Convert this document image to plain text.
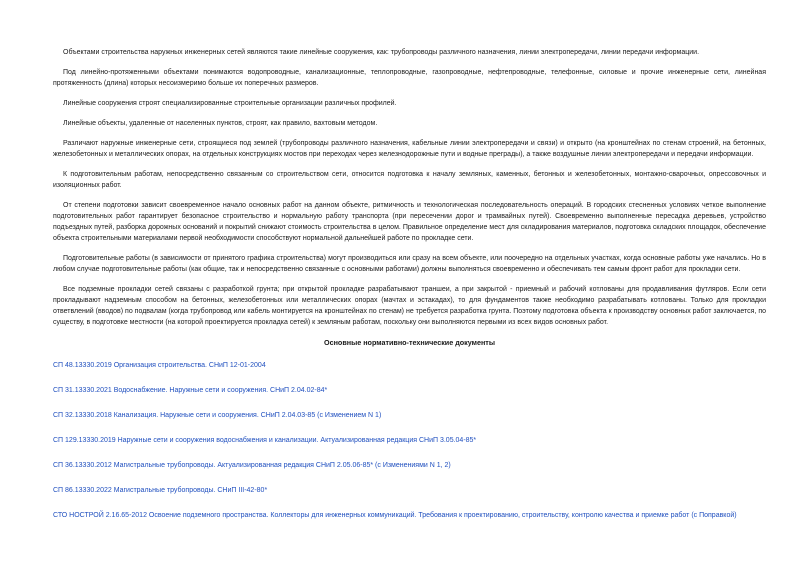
Объектами строительства наружных инженерных сетей являются такие линейные сооружения, как: трубопроводы различного назначения, линии электропередачи, линии передачи информации.

Под линейно-протяженными объектами понимаются водопроводные, канализационные, теплопроводные, газопроводные, нефтепроводные, телефонные, силовые и прочие инженерные сети, линейная протяженность (длина) которых несоизмеримо больше их поперечных размеров.

Линейные сооружения строят специализированные строительные организации различных профилей.

Линейные объекты, удаленные от населенных пунктов, строят, как правило, вахтовым методом.

Различают наружные инженерные сети, строящиеся под землей (трубопроводы различного назначения, кабельные линии электропередачи и связи) и открыто (на кронштейнах по стенам строений, на бетонных, железобетонных и металлических опорах, на отдельных конструкциях мостов при переходах через железнодорожные пути и водные преграды), а также воздушные линии электропередачи и передачи информации.

К подготовительным работам, непосредственно связанным со строительством сети, относится подготовка к началу земляных, каменных, бетонных и железобетонных, монтажно-сварочных, опрессовочных и изоляционных работ.

От степени подготовки зависит своевременное начало основных работ на данном объекте, ритмичность и технологическая последовательность операций. В городских стесненных условиях четкое выполнение подготовительных работ гарантирует безопасное строительство и нормальную работу транспорта (при пересечении дорог и трамвайных путей). Своевременно выполненные пересадка деревьев, устройство подъездных путей, разборка дорожных оснований и покрытий снижают стоимость строительства в целом. Правильное определение мест для складирования материалов, подготовка складских площадок, обеспечение объекта строительными материалами первой необходимости способствуют нормальной дальнейшей работе по прокладке сети.

Подготовительные работы (в зависимости от принятого графика строительства) могут производиться или сразу на всем объекте, или поочередно на отдельных участках, когда основные работы уже начались. Но в любом случае подготовительные работы (как общие, так и непосредственно связанные с основными работами) должны выполняться своевременно и обеспечивать тем самым фронт работ для прокладки сети.

Все подземные прокладки сетей связаны с разработкой грунта; при открытой прокладке разрабатывают траншеи, а при закрытой - приемный и рабочий котлованы для продавливания футляров. Если сети прокладывают надземным способом на бетонных, железобетонных или металлических опорах (мачтах и эстакадах), то для фундаментов также необходимо разрабатывать котлованы. Только для прокладки ответвлений (вводов) по подвалам (когда трубопровод или кабель монтируется на кронштейнах по стенам) не требуется разработка грунта. Поэтому подготовка объекта к производству основных работ заключается, по существу, в подготовке местности (на которой проектируется прокладка сетей) к земляным работам, поскольку они выполняются первыми из всех видов основных работ.

Основные нормативно-технические документы
СП 48.13330.2019 Организация строительства. СНиП 12-01-2004
СП 31.13330.2021 Водоснабжение. Наружные сети и сооружения. СНиП 2.04.02-84*
СП 32.13330.2018 Канализация. Наружные сети и сооружения. СНиП 2.04.03-85 (с Изменением N 1)
СП 129.13330.2019 Наружные сети и сооружения водоснабжения и канализации. Актуализированная редакция СНиП 3.05.04-85*
СП 36.13330.2012 Магистральные трубопроводы. Актуализированная редакция СНиП 2.05.06-85* (с Изменениями N 1, 2)
СП 86.13330.2022 Магистральные трубопроводы. СНиП III-42-80*
СТО НОСТРОЙ 2.16.65-2012 Освоение подземного пространства. Коллекторы для инженерных коммуникаций. Требования к проектированию, строительству, контролю качества и приемке работ (с Поправкой)
